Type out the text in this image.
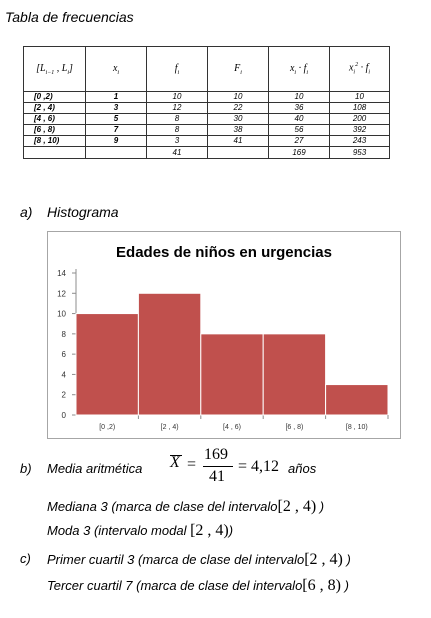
Tabla de frecuencias
[$L_{i-1}$ , $L_i$]	$x_i$	$f_i$	$F_i$	$x_i \cdot f_i$	$x_i^2 \cdot f_i$
[0 ,2)	1	10	10	10	10
[2 , 4)	3	12	22	36	108
[4 , 6)	5	8	30	40	200
[6 , 8)	7	8	38	56	392
[8 , 10)	9	3	41	27	243
		41		169	953
a) Histograma
Edades de niños en urgencias
0
2
4
6
8
10
12
14
[0 ,2)	[2 , 4)	[4 , 6)	[6 , 8)	[8 , 10)
b) Media aritmética X =
169
41
= 4,12 años
Mediana 3 (marca de clase del intervalo[2 , 4) )
Moda 3 (intervalo modal [2 , 4))
c) Primer cuartil 3 (marca de clase del intervalo[2 , 4) )
Tercer cuartil 7 (marca de clase del intervalo[6 , 8) )
